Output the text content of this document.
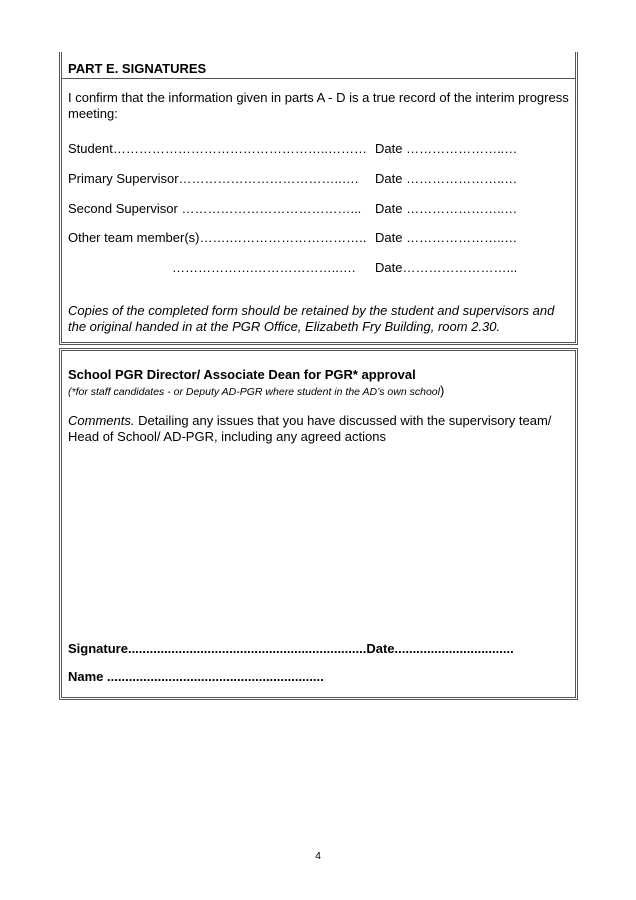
PART E. SIGNATURES
I confirm that the information given in parts A - D is a true record of the interim progress meeting:
Student…………………………………………..……… Date …………………..…
Primary Supervisor………………………………..…. Date …………………..…
Second Supervisor …………………………………... Date …………………..…
Other team member(s)…….………………………….. Date …………………..…
……………….………………..…. Date……………………...
Copies of the completed form should be retained by the student and supervisors and the original handed in at the PGR Office, Elizabeth Fry Building, room 2.30.
School PGR Director/ Associate Dean for PGR* approval
(*for staff candidates - or Deputy AD-PGR where student in the AD’s own school)
Comments. Detailing any issues that you have discussed with the supervisory team/ Head of School/ AD-PGR, including any agreed actions
Signature..................................................................Date.................................
Name ............................................................
4
